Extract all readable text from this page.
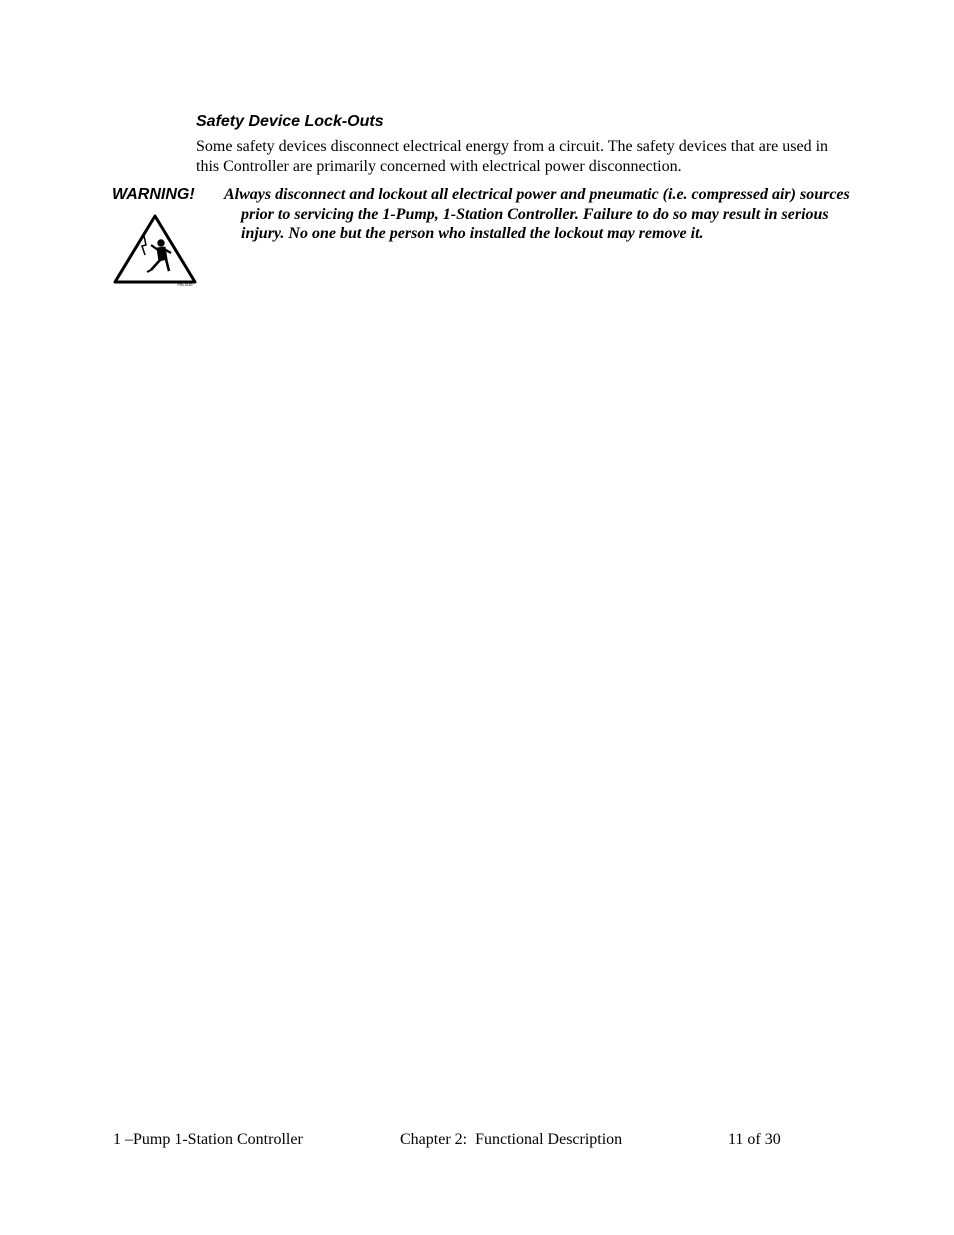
Safety Device Lock-Outs

Some safety devices disconnect electrical energy from a circuit. The safety devices that are used in this Controller are primarily concerned with electrical power disconnection.

WARNING! Always disconnect and lockout all electrical power and pneumatic (i.e. compressed air) sources prior to servicing the 1-Pump, 1-Station Controller. Failure to do so may result in serious injury. No one but the person who installed the lockout may remove it.

F50-0140
1 –Pump 1-Station Controller	Chapter 2:  Functional Description	11 of 30
